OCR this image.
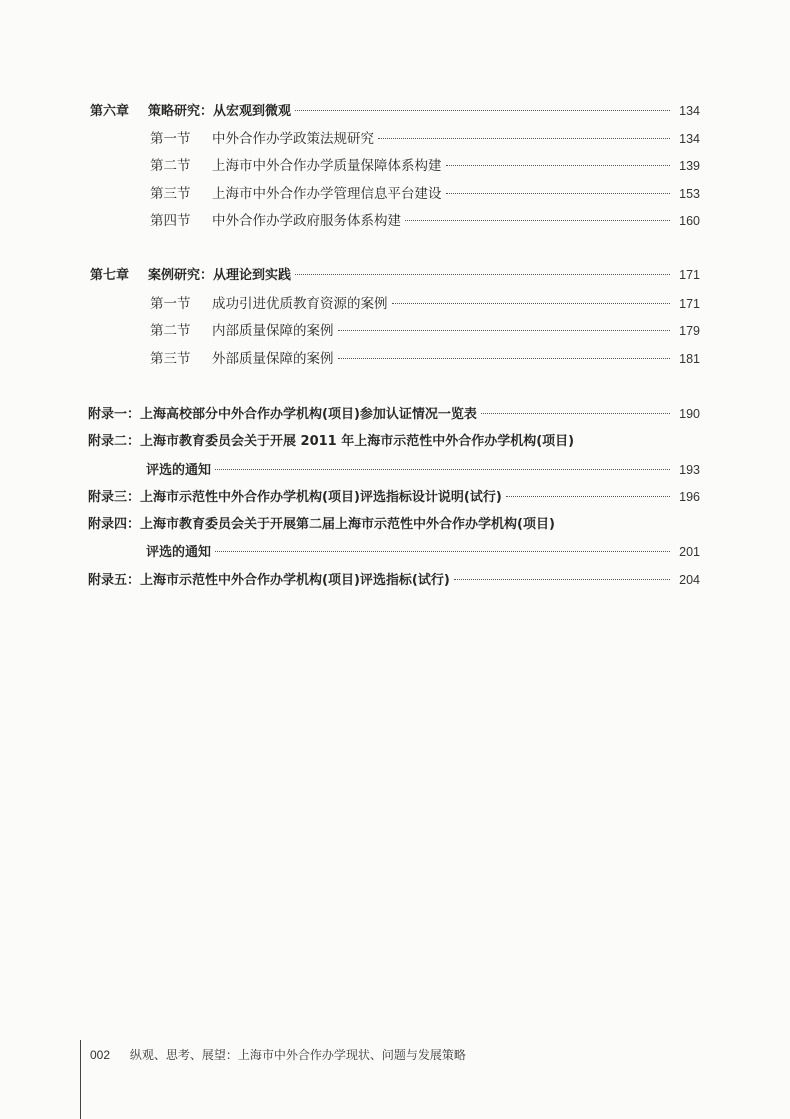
第六章	策略研究：从宏观到微观	134
第一节	中外合作办学政策法规研究	134
第二节	上海市中外合作办学质量保障体系构建	139
第三节	上海市中外合作办学管理信息平台建设	153
第四节	中外合作办学政府服务体系构建	160
第七章	案例研究：从理论到实践	171
第一节	成功引进优质教育资源的案例	171
第二节	内部质量保障的案例	179
第三节	外部质量保障的案例	181
附录一：上海高校部分中外合作办学机构(项目)参加认证情况一览表	190
附录二：上海市教育委员会关于开展 2011 年上海市示范性中外合作办学机构(项目)
评选的通知	193
附录三：上海市示范性中外合作办学机构(项目)评选指标设计说明(试行)	196
附录四：上海市教育委员会关于开展第二届上海市示范性中外合作办学机构(项目)
评选的通知	201
附录五：上海市示范性中外合作办学机构(项目)评选指标(试行)	204
002 纵观、思考、展望：上海市中外合作办学现状、问题与发展策略
